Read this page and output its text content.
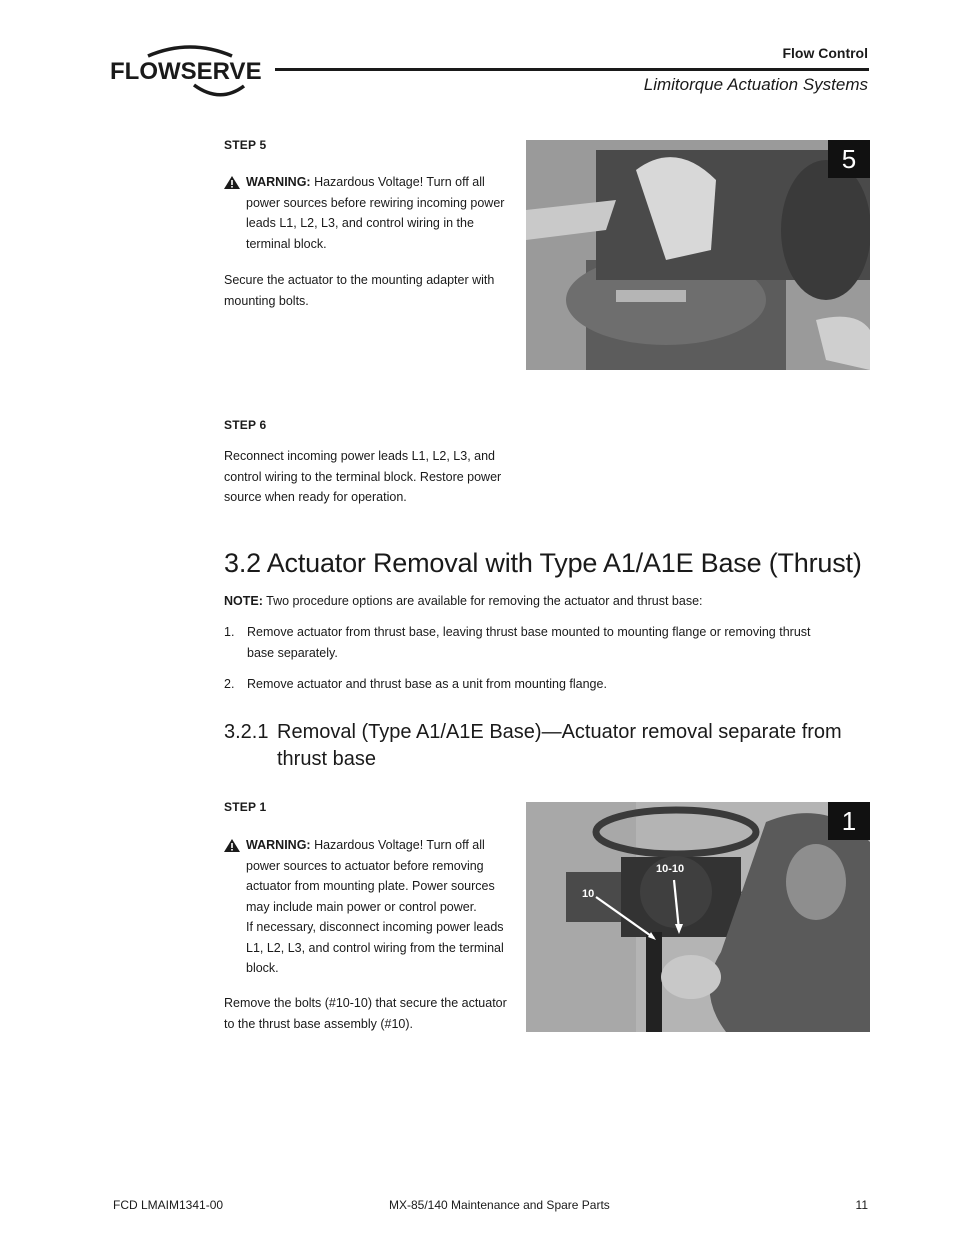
FLOWSERVE
Flow Control
Limitorque Actuation Systems
STEP 5
WARNING: Hazardous Voltage! Turn off all power sources before rewiring incoming power leads L1, L2, L3, and control wiring in the terminal block.
Secure the actuator to the mounting adapter with mounting bolts.
5
STEP 6
Reconnect incoming power leads L1, L2, L3, and control wiring to the terminal block. Restore power source when ready for operation.
3.2 Actuator Removal with Type A1/A1E Base (Thrust)
NOTE: Two procedure options are available for removing the actuator and thrust base:
1.	Remove actuator from thrust base, leaving thrust base mounted to mounting flange or removing thrust base separately.
2.	Remove actuator and thrust base as a unit from mounting flange.
3.2.1 Removal (Type A1/A1E Base)—Actuator removal separate from thrust base
STEP 1
WARNING: Hazardous Voltage! Turn off all power sources to actuator before removing actuator from mounting plate. Power sources may include main power or control power.
If necessary, disconnect incoming power leads L1, L2, L3, and control wiring from the terminal block.
Remove the bolts (#10-10) that secure the actuator to the thrust base assembly (#10).
10-10
10
1
FCD LMAIM1341-00	MX-85/140 Maintenance and Spare Parts	11
